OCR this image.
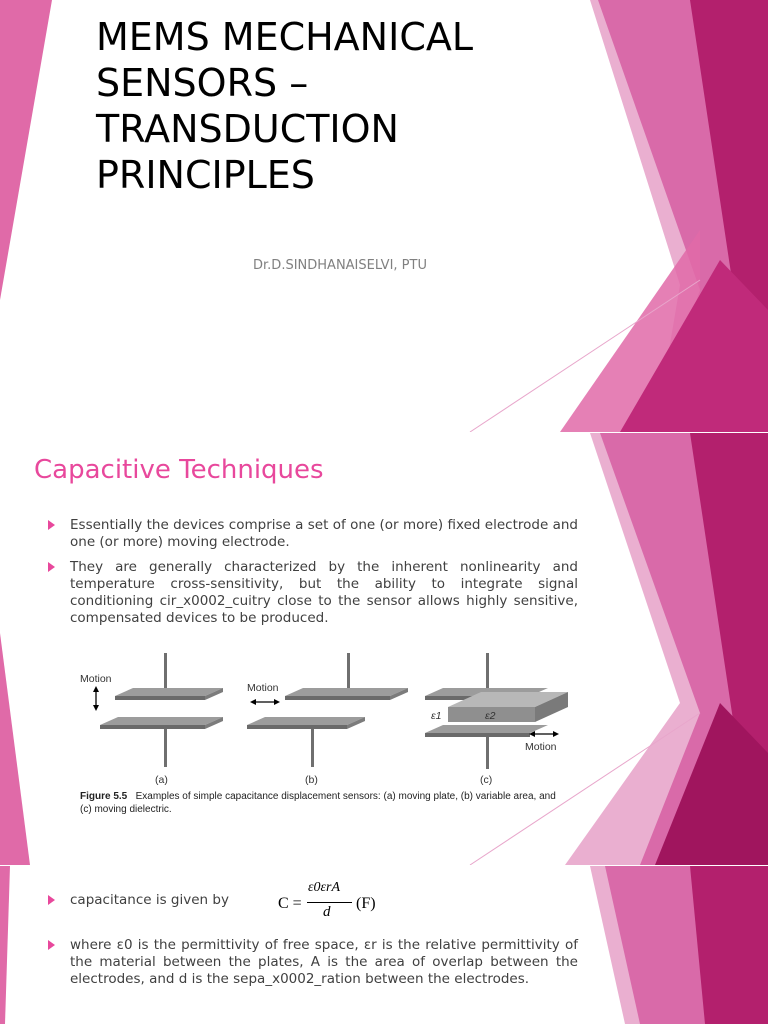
MEMS MECHANICAL SENSORS – TRANSDUCTION PRINCIPLES
Dr.D.SINDHANAISELVI, PTU
Capacitive Techniques
Essentially the devices comprise a set of one (or more) fixed electrode and one (or more) moving electrode.
They are generally characterized by the inherent nonlinearity and temperature cross-sensitivity, but the ability to integrate signal conditioning cir_x0002_cuitry close to the sensor allows highly sensitive, compensated devices to be produced.
Motion
(a)
Motion
(b)
ε1	ε2
Motion
(c)
Figure 5.5 Examples of simple capacitance displacement sensors: (a) moving plate, (b) variable area, and (c) moving dielectric.
capacitance is given by
where ε0 is the permittivity of free space, εr is the relative permittivity of the material between the plates, A is the area of overlap between the electrodes, and d is the sepa_x0002_ration between the electrodes.
C =
ε0εrA
d (F)
